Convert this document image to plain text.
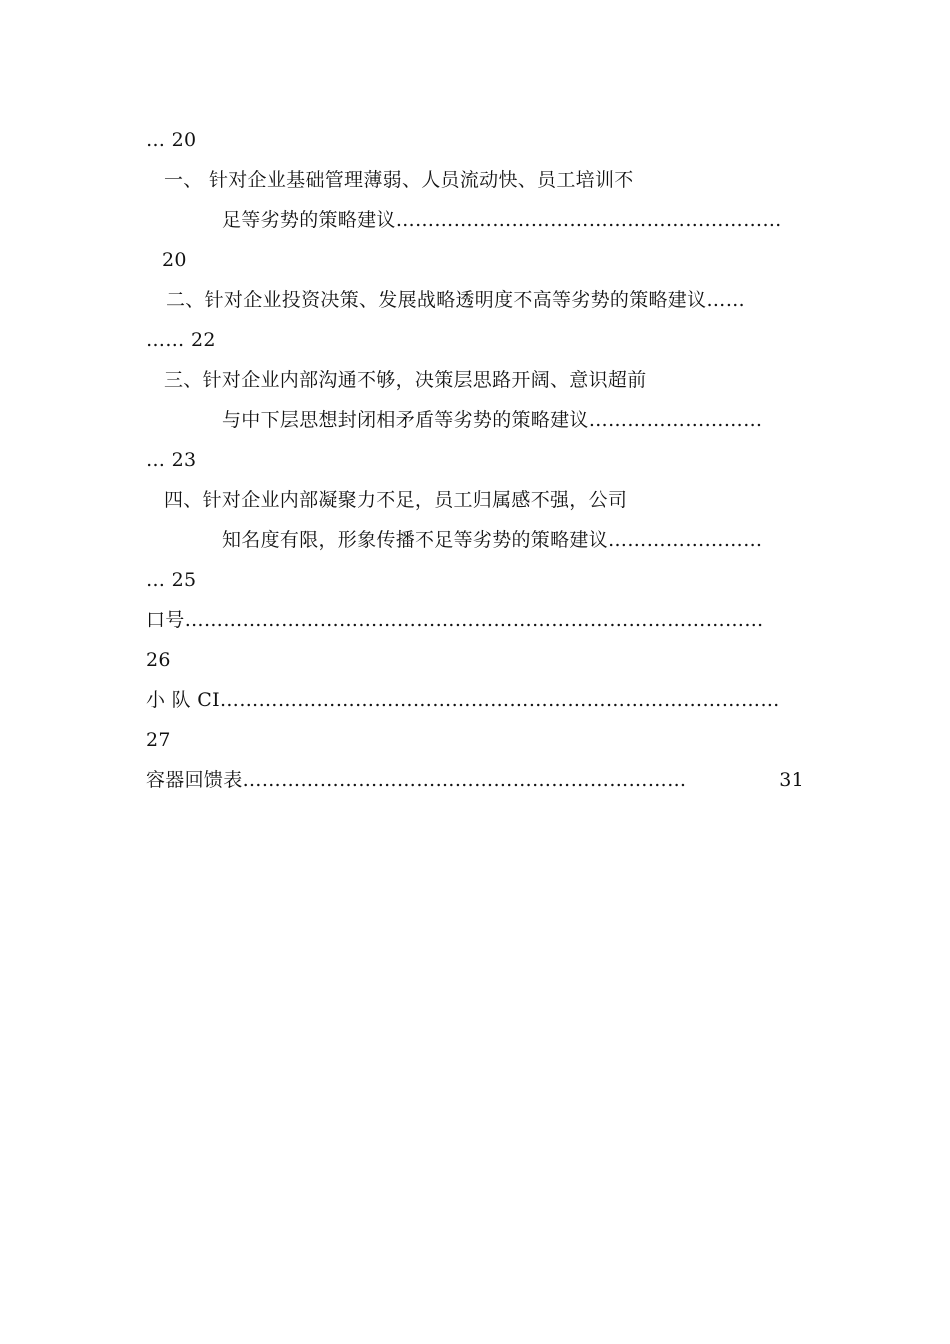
… 20
一、 针对企业基础管理薄弱、人员流动快、员工培训不
足等劣势的策略建议……………………………………………………
20
二、针对企业投资决策、发展战略透明度不高等劣势的策略建议……
…… 22
三、针对企业内部沟通不够，决策层思路开阔、意识超前
与中下层思想封闭相矛盾等劣势的策略建议………………………
… 23
四、针对企业内部凝聚力不足，员工归属感不强，公司
知名度有限，形象传播不足等劣势的策略建议……………………
… 25
口号………………………………………………………………………………
26
小 队 CI……………………………………………………………………………
27
容器回馈表……………………………………………………………	31
